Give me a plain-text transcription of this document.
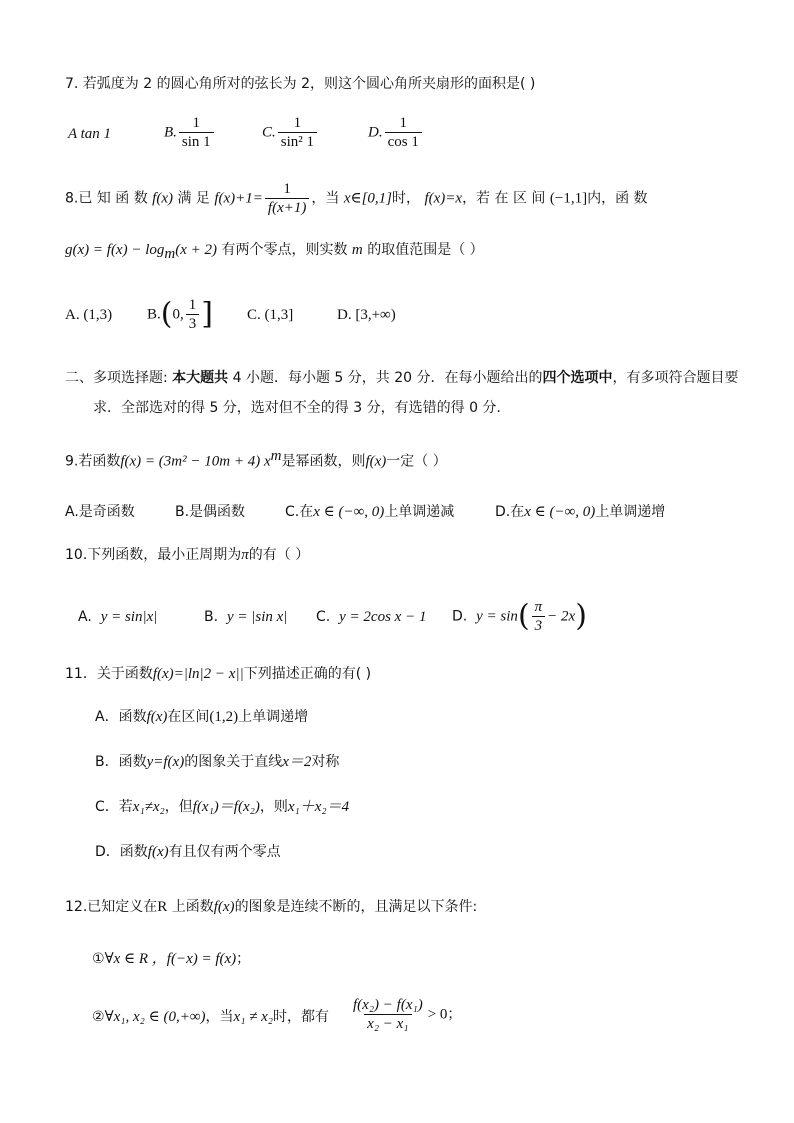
7. 若弧度为 2 的圆心角所对的弦长为 2，则这个圆心角所夹扇形的面积是( )
A tan 1	B. $\frac{1}{\sin 1}$	C. $\frac{1}{\text{sin² 1}}$	D. $\frac{1}{\cos 1}$
8.已 知 函 数 f(x) 满 足 $f(x)+1= \frac{1}{f(x+1)}$ ，当 x∈[0,1]时， f(x)=x，若 在 区 间 (−1,1]内，函 数
$g(x) = f(x) - \log_m(x + 2)$ 有两个零点，则实数 m 的取值范围是（ ）
A. (1,3) B.(0, $\frac{1}{3}$ ] C. (1,3]	D. [3,+∞)
二、多项选择题: 本大题共 4 小题．每小题 5 分，共 20 分．在每小题给出的四个选项中，有多项符合题目要
求．全部选对的得 5 分，选对但不全的得 3 分，有选错的得 0 分.
9.若函数f(x) = (3m² − 10m + 4) $x^m$是幂函数，则f(x)一定（ ）
A.是奇函数	B.是偶函数	C.在x ∈ (−∞, 0)上单调递减	D.在x ∈ (−∞, 0)上单调递增
10.下列函数，最小正周期为π的有（ ）
A. y = sin|x|	B. y = |sin x| C. y = 2cos x − 1 D. $y = \sin( \frac{\pi}{3} - 2x)$
11．关于函数f(x)=|ln|2 − x||下列描述正确的有( )
A．函数f(x)在区间(1,2)上单调递增
B．函数y=f(x)的图象关于直线x＝2对称
C．若x₁≠x₂，但f(x₁)＝f(x₂)，则x₁＋x₂＝4
D．函数f(x)有且仅有两个零点
12.已知定义在R 上函数f(x)的图象是连续不断的，且满足以下条件:
①∀x ∈ R ，f(−x) = f(x)；
②∀x₁, x₂ ∈ (0,+∞)，当x₁ ≠ x₂时，都有 $\frac{\text{f(x₂) − f(x₁)}}{\text{x₂ − x₁}} > 0$；
